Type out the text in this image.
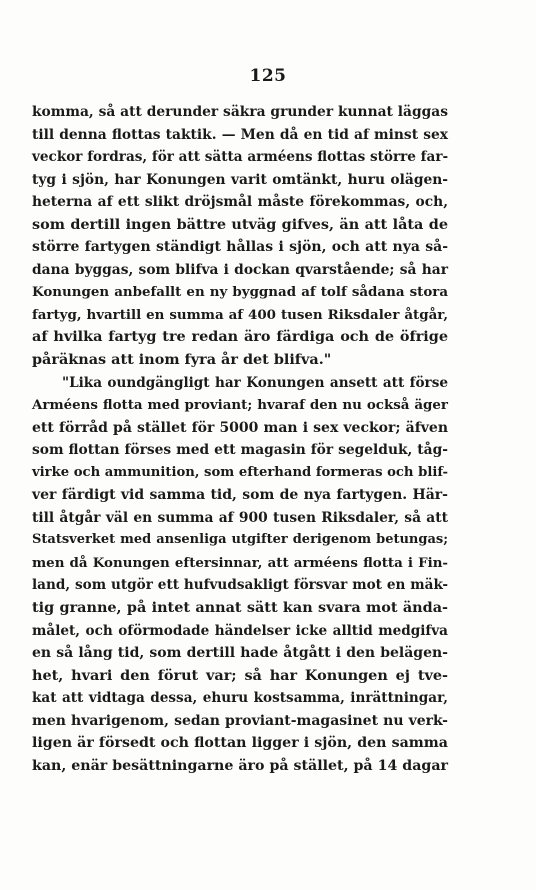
125
komma, så att derunder säkra grunder kunnat läggas
till denna flottas taktik. — Men då en tid af minst sex
veckor fordras, för att sätta arméens flottas större far-
tyg i sjön, har Konungen varit omtänkt, huru olägen-
heterna af ett slikt dröjsmål måste förekommas, och,
som dertill ingen bättre utväg gifves, än att låta de
större fartygen ständigt hållas i sjön, och att nya så-
dana byggas, som blifva i dockan qvarstående; så har
Konungen anbefallt en ny byggnad af tolf sådana stora
fartyg, hvartill en summa af 400 tusen Riksdaler åtgår,
af hvilka fartyg tre redan äro färdiga och de öfrige
påräknas att inom fyra år det blifva."
"Lika oundgängligt har Konungen ansett att förse
Arméens flotta med proviant; hvaraf den nu också äger
ett förråd på stället för 5000 man i sex veckor; äfven
som flottan förses med ett magasin för segelduk, tåg-
virke och ammunition, som efterhand formeras och blif-
ver färdigt vid samma tid, som de nya fartygen. Här-
till åtgår väl en summa af 900 tusen Riksdaler, så att
Statsverket med ansenliga utgifter derigenom betungas;
men då Konungen eftersinnar, att arméens flotta i Fin-
land, som utgör ett hufvudsakligt försvar mot en mäk-
tig granne, på intet annat sätt kan svara mot ända-
målet, och oförmodade händelser icke alltid medgifva
en så lång tid, som dertill hade åtgått i den belägen-
het, hvari den förut var; så har Konungen ej tve-
kat att vidtaga dessa, ehuru kostsamma, inrättningar,
men hvarigenom, sedan proviant-magasinet nu verk-
ligen är försedt och flottan ligger i sjön, den samma
kan, enär besättningarne äro på stället, på 14 dagar
